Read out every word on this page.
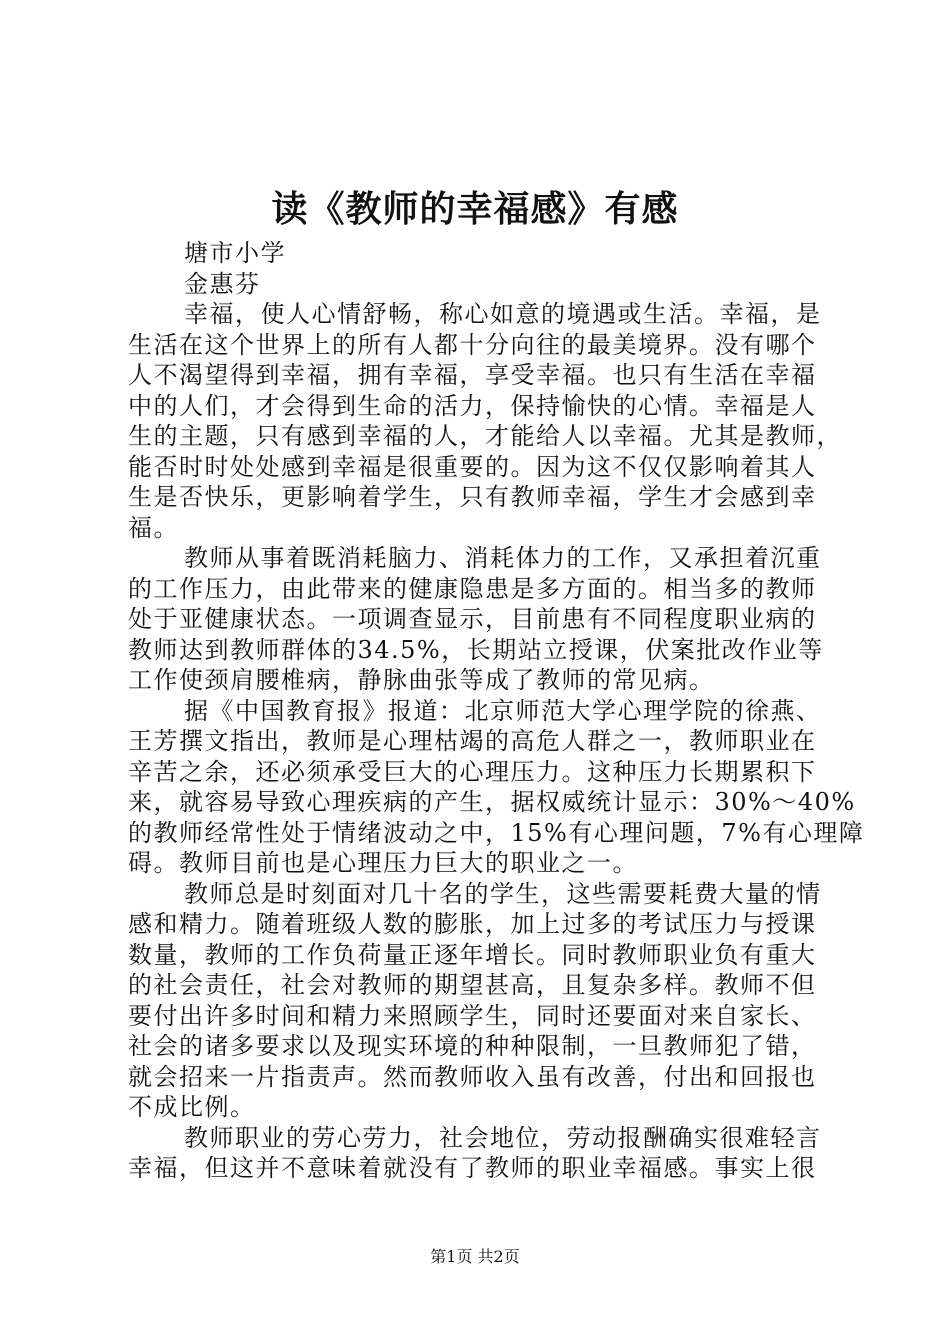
读《教师的幸福感》有感
塘市小学
金惠芬
幸福，使人心情舒畅，称心如意的境遇或生活。幸福，是
生活在这个世界上的所有人都十分向往的最美境界。没有哪个
人不渴望得到幸福，拥有幸福，享受幸福。也只有生活在幸福
中的人们，才会得到生命的活力，保持愉快的心情。幸福是人
生的主题，只有感到幸福的人，才能给人以幸福。尤其是教师，
能否时时处处感到幸福是很重要的。因为这不仅仅影响着其人
生是否快乐，更影响着学生，只有教师幸福，学生才会感到幸
福。
教师从事着既消耗脑力、消耗体力的工作，又承担着沉重
的工作压力，由此带来的健康隐患是多方面的。相当多的教师
处于亚健康状态。一项调查显示，目前患有不同程度职业病的
教师达到教师群体的34.5%，长期站立授课，伏案批改作业等
工作使颈肩腰椎病，静脉曲张等成了教师的常见病。
据《中国教育报》报道：北京师范大学心理学院的徐燕、
王芳撰文指出，教师是心理枯竭的高危人群之一，教师职业在
辛苦之余，还必须承受巨大的心理压力。这种压力长期累积下
来，就容易导致心理疾病的产生，据权威统计显示：30%～40%
的教师经常性处于情绪波动之中，15%有心理问题，7%有心理障
碍。教师目前也是心理压力巨大的职业之一。
教师总是时刻面对几十名的学生，这些需要耗费大量的情
感和精力。随着班级人数的膨胀，加上过多的考试压力与授课
数量，教师的工作负荷量正逐年增长。同时教师职业负有重大
的社会责任，社会对教师的期望甚高，且复杂多样。教师不但
要付出许多时间和精力来照顾学生，同时还要面对来自家长、
社会的诸多要求以及现实环境的种种限制，一旦教师犯了错，
就会招来一片指责声。然而教师收入虽有改善，付出和回报也
不成比例。
教师职业的劳心劳力，社会地位，劳动报酬确实很难轻言
幸福，但这并不意味着就没有了教师的职业幸福感。事实上很
第1页 共2页
